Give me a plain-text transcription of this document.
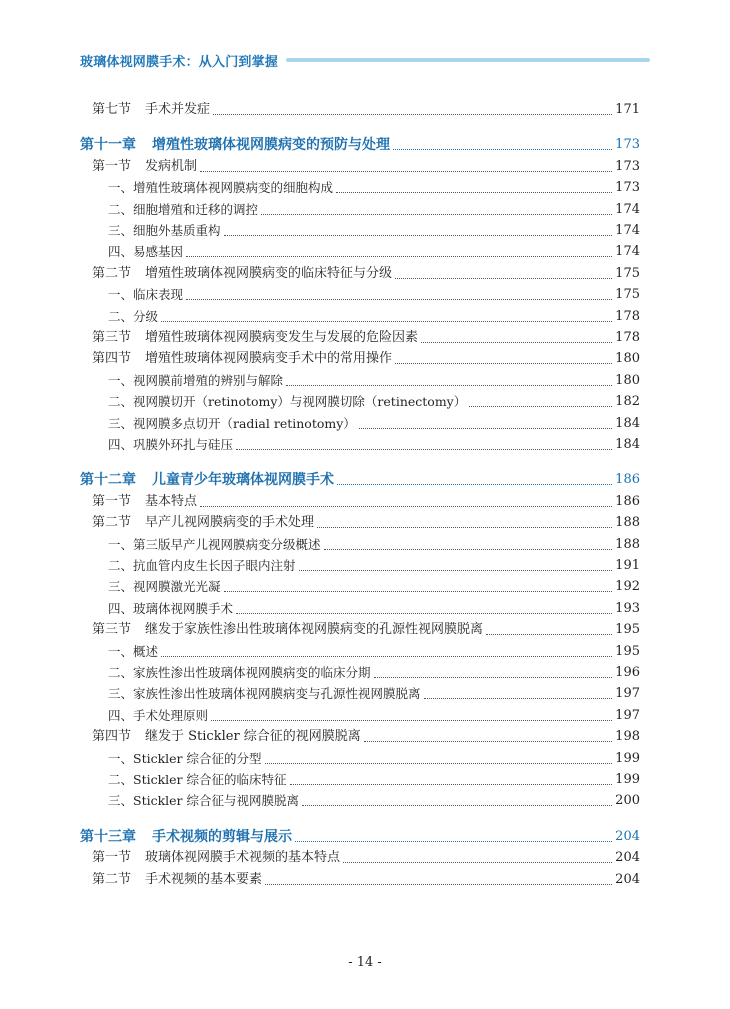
玻璃体视网膜手术：从入门到掌握
第七节 手术并发症	171
第十一章 增殖性玻璃体视网膜病变的预防与处理	173
第一节 发病机制	173
一、增殖性玻璃体视网膜病变的细胞构成	173
二、细胞增殖和迁移的调控	174
三、细胞外基质重构	174
四、易感基因	174
第二节 增殖性玻璃体视网膜病变的临床特征与分级	175
一、临床表现	175
二、分级	178
第三节 增殖性玻璃体视网膜病变发生与发展的危险因素	178
第四节 增殖性玻璃体视网膜病变手术中的常用操作	180
一、视网膜前增殖的辨别与解除	180
二、视网膜切开（retinotomy）与视网膜切除（retinectomy）	182
三、视网膜多点切开（radial retinotomy）	184
四、巩膜外环扎与硅压	184
第十二章 儿童青少年玻璃体视网膜手术	186
第一节 基本特点	186
第二节 早产儿视网膜病变的手术处理	188
一、第三版早产儿视网膜病变分级概述	188
二、抗血管内皮生长因子眼内注射	191
三、视网膜激光光凝	192
四、玻璃体视网膜手术	193
第三节 继发于家族性渗出性玻璃体视网膜病变的孔源性视网膜脱离	195
一、概述	195
二、家族性渗出性玻璃体视网膜病变的临床分期	196
三、家族性渗出性玻璃体视网膜病变与孔源性视网膜脱离	197
四、手术处理原则	197
第四节 继发于 Stickler 综合征的视网膜脱离	198
一、Stickler 综合征的分型	199
二、Stickler 综合征的临床特征	199
三、Stickler 综合征与视网膜脱离	200
第十三章 手术视频的剪辑与展示	204
第一节 玻璃体视网膜手术视频的基本特点	204
第二节 手术视频的基本要素	204
- 14 -
